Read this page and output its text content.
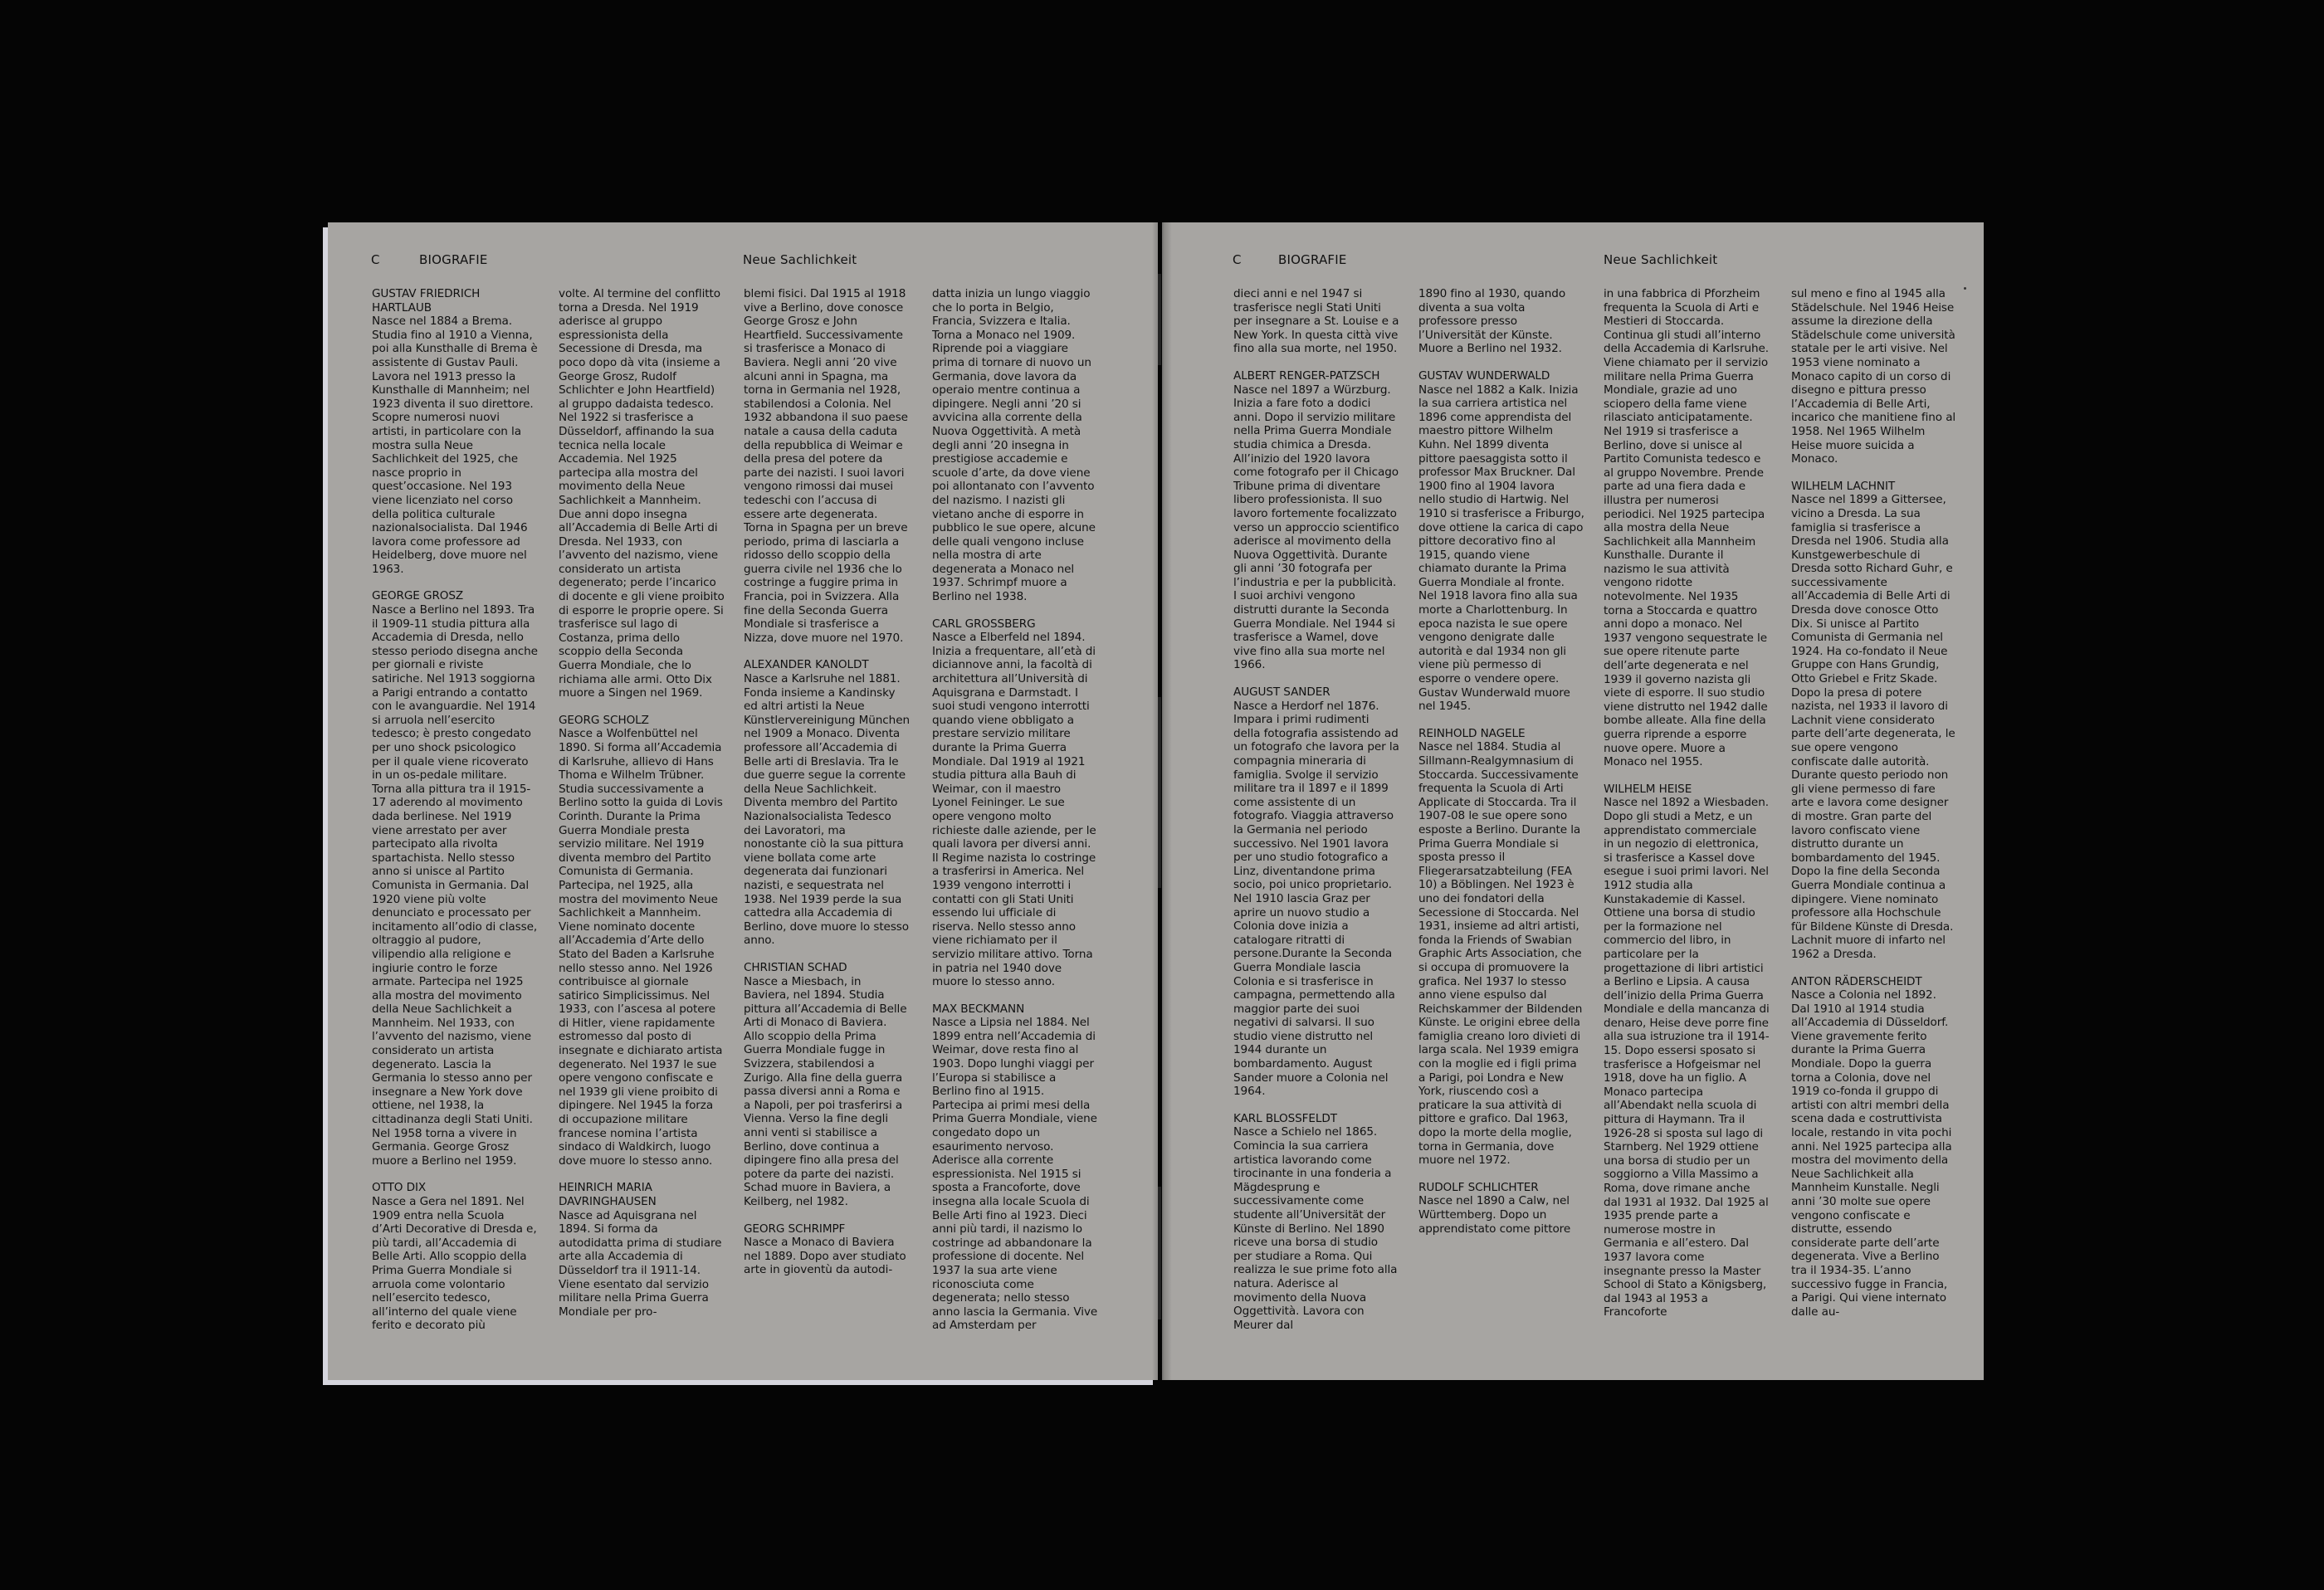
C	BIOGRAFIE	Neue Sachlichkeit

GUSTAV FRIEDRICH HARTLAUB
Nasce nel 1884 a Brema. Studia fino al 1910 a Vienna, poi alla Kunsthalle di Brema è assistente di Gustav Pauli. Lavora nel 1913 presso la Kunsthalle di Mannheim; nel 1923 diventa il suo direttore. Scopre numerosi nuovi artisti, in particolare con la mostra sulla Neue Sachlichkeit del 1925, che nasce proprio in quest’occasione. Nel 193 viene licenziato nel corso della politica culturale nazionalsocialista. Dal 1946 lavora come professore ad Heidelberg, dove muore nel 1963.

GEORGE GROSZ
Nasce a Berlino nel 1893. Tra il 1909-11 studia pittura alla Accademia di Dresda, nello stesso periodo disegna anche per giornali e riviste satiriche. Nel 1913 soggiorna a Parigi entrando a contatto con le avanguardie. Nel 1914 si arruola nell’esercito tedesco; è presto congedato per uno shock psicologico per il quale viene ricoverato in un os-pedale militare. Torna alla pittura tra il 1915-17 aderendo al movimento dada berlinese. Nel 1919 viene arrestato per aver partecipato alla rivolta spartachista. Nello stesso anno si unisce al Partito Comunista in Germania. Dal 1920 viene più volte denunciato e processato per incitamento all’odio di classe, oltraggio al pudore, vilipendio alla religione e ingiurie contro le forze armate. Partecipa nel 1925 alla mostra del movimento della Neue Sachlichkeit a Mannheim. Nel 1933, con l’avvento del nazismo, viene considerato un artista degenerato. Lascia la Germania lo stesso anno per insegnare a New York dove ottiene, nel 1938, la cittadinanza degli Stati Uniti. Nel 1958 torna a vivere in Germania. George Grosz muore a Berlino nel 1959.

OTTO DIX
Nasce a Gera nel 1891. Nel 1909 entra nella Scuola d’Arti Decorative di Dresda e, più tardi, all’Accademia di Belle Arti. Allo scoppio della Prima Guerra Mondiale si arruola come volontario nell’esercito tedesco, all’interno del quale viene ferito e decorato più

volte. Al termine del conflitto torna a Dresda. Nel 1919 aderisce al gruppo espressionista della Secessione di Dresda, ma poco dopo dà vita (insieme a George Grosz, Rudolf Schlichter e John Heartfield) al gruppo dadaista tedesco. Nel 1922 si trasferisce a Düsseldorf, affinando la sua tecnica nella locale Accademia. Nel 1925 partecipa alla mostra del movimento della Neue Sachlichkeit a Mannheim. Due anni dopo insegna all’Accademia di Belle Arti di Dresda. Nel 1933, con l’avvento del nazismo, viene considerato un artista degenerato; perde l’incarico di docente e gli viene proibito di esporre le proprie opere. Si trasferisce sul lago di Costanza, prima dello scoppio della Seconda Guerra Mondiale, che lo richiama alle armi. Otto Dix muore a Singen nel 1969.

GEORG SCHOLZ
Nasce a Wolfenbüttel nel 1890. Si forma all’Accademia di Karlsruhe, allievo di Hans Thoma e Wilhelm Trübner. Studia successivamente a Berlino sotto la guida di Lovis Corinth. Durante la Prima Guerra Mondiale presta servizio militare. Nel 1919 diventa membro del Partito Comunista di Germania. Partecipa, nel 1925, alla mostra del movimento Neue Sachlichkeit a Mannheim. Viene nominato docente all’Accademia d’Arte dello Stato del Baden a Karlsruhe nello stesso anno. Nel 1926 contribuisce al giornale satirico Simplicissimus. Nel 1933, con l’ascesa al potere di Hitler, viene rapidamente estromesso dal posto di insegnate e dichiarato artista degenerato. Nel 1937 le sue opere vengono confiscate e nel 1939 gli viene proibito di dipingere. Nel 1945 la forza di occupazione militare francese nomina l’artista sindaco di Waldkirch, luogo dove muore lo stesso anno.

HEINRICH MARIA DAVRINGHAUSEN
Nasce ad Aquisgrana nel 1894. Si forma da autodidatta prima di studiare arte alla Accademia di Düsseldorf tra il 1911-14. Viene esentato dal servizio militare nella Prima Guerra Mondiale per pro-

blemi fisici. Dal 1915 al 1918 vive a Berlino, dove conosce George Grosz e John Heartfield. Successivamente si trasferisce a Monaco di Baviera. Negli anni ’20 vive alcuni anni in Spagna, ma torna in Germania nel 1928, stabilendosi a Colonia. Nel 1932 abbandona il suo paese natale a causa della caduta della repubblica di Weimar e della presa del potere da parte dei nazisti. I suoi lavori vengono rimossi dai musei tedeschi con l’accusa di essere arte degenerata. Torna in Spagna per un breve periodo, prima di lasciarla a ridosso dello scoppio della guerra civile nel 1936 che lo costringe a fuggire prima in Francia, poi in Svizzera. Alla fine della Seconda Guerra Mondiale si trasferisce a Nizza, dove muore nel 1970.

ALEXANDER KANOLDT
Nasce a Karlsruhe nel 1881. Fonda insieme a Kandinsky ed altri artisti la Neue Künstlervereinigung München nel 1909 a Monaco. Diventa professore all’Accademia di Belle arti di Breslavia. Tra le due guerre segue la corrente della Neue Sachlichkeit. Diventa membro del Partito Nazionalsocialista Tedesco dei Lavoratori, ma nonostante ciò la sua pittura viene bollata come arte degenerata dai funzionari nazisti, e sequestrata nel 1938. Nel 1939 perde la sua cattedra alla Accademia di Berlino, dove muore lo stesso anno.

CHRISTIAN SCHAD
Nasce a Miesbach, in Baviera, nel 1894. Studia pittura all’Accademia di Belle Arti di Monaco di Baviera. Allo scoppio della Prima Guerra Mondiale fugge in Svizzera, stabilendosi a Zurigo. Alla fine della guerra passa diversi anni a Roma e a Napoli, per poi trasferirsi a Vienna. Verso la fine degli anni venti si stabilisce a Berlino, dove continua a dipingere fino alla presa del potere da parte dei nazisti. Schad muore in Baviera, a Keilberg, nel 1982.

GEORG SCHRIMPF
Nasce a Monaco di Baviera nel 1889. Dopo aver studiato arte in gioventù da autodi-

datta inizia un lungo viaggio che lo porta in Belgio, Francia, Svizzera e Italia. Torna a Monaco nel 1909. Riprende poi a viaggiare prima di tornare di nuovo un Germania, dove lavora da operaio mentre continua a dipingere. Negli anni ’20 si avvicina alla corrente della Nuova Oggettività. A metà degli anni ’20 insegna in prestigiose accademie e scuole d’arte, da dove viene poi allontanato con l’avvento del nazismo. I nazisti gli vietano anche di esporre in pubblico le sue opere, alcune delle quali vengono incluse nella mostra di arte degenerata a Monaco nel 1937. Schrimpf muore a Berlino nel 1938.

CARL GROSSBERG
Nasce a Elberfeld nel 1894. Inizia a frequentare, all’età di diciannove anni, la facoltà di architettura all’Università di Aquisgrana e Darmstadt. I suoi studi vengono interrotti quando viene obbligato a prestare servizio militare durante la Prima Guerra Mondiale. Dal 1919 al 1921 studia pittura alla Bauh di Weimar, con il maestro Lyonel Feininger. Le sue opere vengono molto richieste dalle aziende, per le quali lavora per diversi anni. Il Regime nazista lo costringe a trasferirsi in America. Nel 1939 vengono interrotti i contatti con gli Stati Uniti essendo lui ufficiale di riserva. Nello stesso anno viene richiamato per il servizio militare attivo. Torna in patria nel 1940 dove muore lo stesso anno.

MAX BECKMANN
Nasce a Lipsia nel 1884. Nel 1899 entra nell’Accademia di Weimar, dove resta fino al 1903. Dopo lunghi viaggi per l’Europa si stabilisce a Berlino fino al 1915. Partecipa ai primi mesi della Prima Guerra Mondiale, viene congedato dopo un esaurimento nervoso. Aderisce alla corrente espressionista. Nel 1915 si sposta a Francoforte, dove insegna alla locale Scuola di Belle Arti fino al 1923. Dieci anni più tardi, il nazismo lo costringe ad abbandonare la professione di docente. Nel 1937 la sua arte viene riconosciuta come degenerata; nello stesso anno lascia la Germania. Vive ad Amsterdam per

C	BIOGRAFIE	Neue Sachlichkeit

dieci anni e nel 1947 si trasferisce negli Stati Uniti per insegnare a St. Louise e a New York. In questa città vive fino alla sua morte, nel 1950.

ALBERT RENGER-PATZSCH
Nasce nel 1897 a Würzburg. Inizia a fare foto a dodici anni. Dopo il servizio militare nella Prima Guerra Mondiale studia chimica a Dresda. All’inizio del 1920 lavora come fotografo per il Chicago Tribune prima di diventare libero professionista. Il suo lavoro fortemente focalizzato verso un approccio scientifico aderisce al movimento della Nuova Oggettività. Durante gli anni ’30 fotografa per l’industria e per la pubblicità. I suoi archivi vengono distrutti durante la Seconda Guerra Mondiale. Nel 1944 si trasferisce a Wamel, dove vive fino alla sua morte nel 1966.

AUGUST SANDER
Nasce a Herdorf nel 1876. Impara i primi rudimenti della fotografia assistendo ad un fotografo che lavora per la compagnia mineraria di famiglia. Svolge il servizio militare tra il 1897 e il 1899 come assistente di un fotografo. Viaggia attraverso la Germania nel periodo successivo. Nel 1901 lavora per uno studio fotografico a Linz, diventandone prima socio, poi unico proprietario. Nel 1910 lascia Graz per aprire un nuovo studio a Colonia dove inizia a catalogare ritratti di persone.Durante la Seconda Guerra Mondiale lascia Colonia e si trasferisce in campagna, permettendo alla maggior parte dei suoi negativi di salvarsi. Il suo studio viene distrutto nel 1944 durante un bombardamento. August Sander muore a Colonia nel 1964.

KARL BLOSSFELDT
Nasce a Schielo nel 1865. Comincia la sua carriera artistica lavorando come tirocinante in una fonderia a Mägdesprung e successivamente come studente all’Universität der Künste di Berlino. Nel 1890 riceve una borsa di studio per studiare a Roma. Qui realizza le sue prime foto alla natura. Aderisce al movimento della Nuova Oggettività. Lavora con Meurer dal

1890 fino al 1930, quando diventa a sua volta professore presso l’Universität der Künste. Muore a Berlino nel 1932.

GUSTAV WUNDERWALD
Nasce nel 1882 a Kalk. Inizia la sua carriera artistica nel 1896 come apprendista del maestro pittore Wilhelm Kuhn. Nel 1899 diventa pittore paesaggista sotto il professor Max Bruckner. Dal 1900 fino al 1904 lavora nello studio di Hartwig. Nel 1910 si trasferisce a Friburgo, dove ottiene la carica di capo pittore decorativo fino al 1915, quando viene chiamato durante la Prima Guerra Mondiale al fronte. Nel 1918 lavora fino alla sua morte a Charlottenburg. In epoca nazista le sue opere vengono denigrate dalle autorità e dal 1934 non gli viene più permesso di esporre o vendere opere. Gustav Wunderwald muore nel 1945.

REINHOLD NAGELE
Nasce nel 1884. Studia al Sillmann-Realgymnasium di Stoccarda. Successivamente frequenta la Scuola di Arti Applicate di Stoccarda. Tra il 1907-08 le sue opere sono esposte a Berlino. Durante la Prima Guerra Mondiale si sposta presso il Fliegerarsatzabteilung (FEA 10) a Böblingen. Nel 1923 è uno dei fondatori della Secessione di Stoccarda. Nel 1931, insieme ad altri artisti, fonda la Friends of Swabian Graphic Arts Association, che si occupa di promuovere la grafica. Nel 1937 lo stesso anno viene espulso dal Reichskammer der Bildenden Künste. Le origini ebree della famiglia creano loro divieti di larga scala. Nel 1939 emigra con la moglie ed i figli prima a Parigi, poi Londra e New York, riuscendo così a praticare la sua attività di pittore e grafico. Dal 1963, dopo la morte della moglie, torna in Germania, dove muore nel 1972.

RUDOLF SCHLICHTER
Nasce nel 1890 a Calw, nel Württemberg. Dopo un apprendistato come pittore

in una fabbrica di Pforzheim frequenta la Scuola di Arti e Mestieri di Stoccarda. Continua gli studi all’interno della Accademia di Karlsruhe. Viene chiamato per il servizio militare nella Prima Guerra Mondiale, grazie ad uno sciopero della fame viene rilasciato anticipatamente. Nel 1919 si trasferisce a Berlino, dove si unisce al Partito Comunista tedesco e al gruppo Novembre. Prende parte ad una fiera dada e illustra per numerosi periodici. Nel 1925 partecipa alla mostra della Neue Sachlichkeit alla Mannheim Kunsthalle. Durante il nazismo le sua attività vengono ridotte notevolmente. Nel 1935 torna a Stoccarda e quattro anni dopo a monaco. Nel 1937 vengono sequestrate le sue opere ritenute parte dell’arte degenerata e nel 1939 il governo nazista gli viete di esporre. Il suo studio viene distrutto nel 1942 dalle bombe alleate. Alla fine della guerra riprende a esporre nuove opere. Muore a Monaco nel 1955.

WILHELM HEISE
Nasce nel 1892 a Wiesbaden. Dopo gli studi a Metz, e un apprendistato commerciale in un negozio di elettronica, si trasferisce a Kassel dove esegue i suoi primi lavori. Nel 1912 studia alla Kunstakademie di Kassel. Ottiene una borsa di studio per la formazione nel commercio del libro, in particolare per la progettazione di libri artistici a Berlino e Lipsia. A causa dell’inizio della Prima Guerra Mondiale e della mancanza di denaro, Heise deve porre fine alla sua istruzione tra il 1914-15. Dopo essersi sposato si trasferisce a Hofgeismar nel 1918, dove ha un figlio. A Monaco partecipa all’Abendakt nella scuola di pittura di Haymann. Tra il 1926-28 si sposta sul lago di Starnberg. Nel 1929 ottiene una borsa di studio per un soggiorno a Villa Massimo a Roma, dove rimane anche dal 1931 al 1932. Dal 1925 al 1935 prende parte a numerose mostre in Germania e all’estero. Dal 1937 lavora come insegnante presso la Master School di Stato a Königsberg, dal 1943 al 1953 a Francoforte

sul meno e fino al 1945 alla Städelschule. Nel 1946 Heise assume la direzione della Städelschule come università statale per le arti visive. Nel 1953 viene nominato a Monaco capito di un corso di disegno e pittura presso l’Accademia di Belle Arti, incarico che manitiene fino al 1958. Nel 1965 Wilhelm Heise muore suicida a Monaco.

WILHELM LACHNIT
Nasce nel 1899 a Gittersee, vicino a Dresda. La sua famiglia si trasferisce a Dresda nel 1906. Studia alla Kunstgewerbeschule di Dresda sotto Richard Guhr, e successivamente all’Accademia di Belle Arti di Dresda dove conosce Otto Dix. Si unisce al Partito Comunista di Germania nel 1924. Ha co-fondato il Neue Gruppe con Hans Grundig, Otto Griebel e Fritz Skade. Dopo la presa di potere nazista, nel 1933 il lavoro di Lachnit viene considerato parte dell’arte degenerata, le sue opere vengono confiscate dalle autorità. Durante questo periodo non gli viene permesso di fare arte e lavora come designer di mostre. Gran parte del lavoro confiscato viene distrutto durante un bombardamento del 1945. Dopo la fine della Seconda Guerra Mondiale continua a dipingere. Viene nominato professore alla Hochschule für Bildene Künste di Dresda. Lachnit muore di infarto nel 1962 a Dresda.

ANTON RÄDERSCHEIDT
Nasce a Colonia nel 1892. Dal 1910 al 1914 studia all’Accademia di Düsseldorf. Viene gravemente ferito durante la Prima Guerra Mondiale. Dopo la guerra torna a Colonia, dove nel 1919 co-fonda il gruppo di artisti con altri membri della scena dada e costruttivista locale, restando in vita pochi anni. Nel 1925 partecipa alla mostra del movimento della Neue Sachlichkeit alla Mannheim Kunstalle. Negli anni ’30 molte sue opere vengono confiscate e distrutte, essendo considerate parte dell’arte degenerata. Vive a Berlino tra il 1934-35. L’anno successivo fugge in Francia, a Parigi. Qui viene internato dalle au-
